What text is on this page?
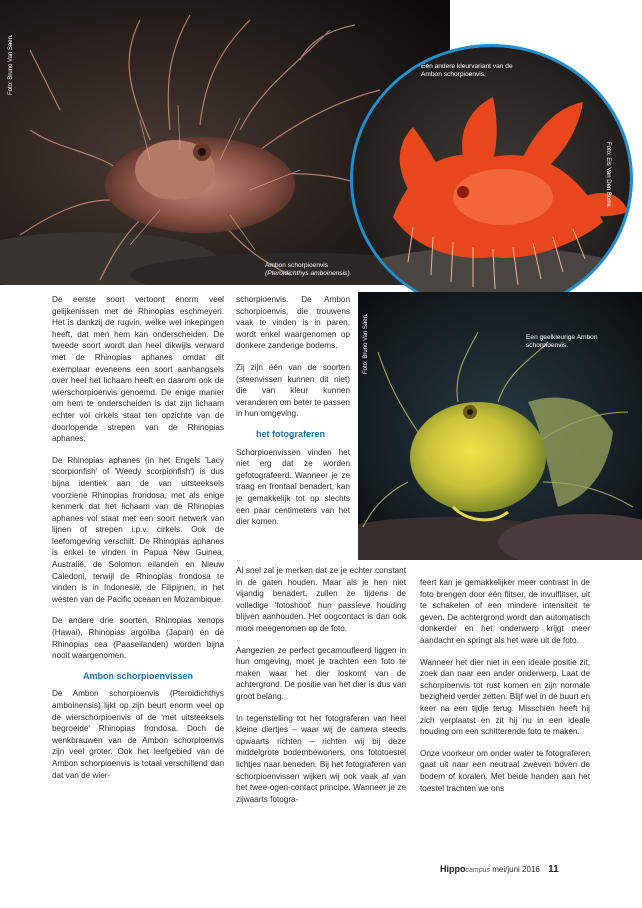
Foto: Bruno Van Saen.
Ambon schorpioenvis
(Pteroidichthys amboinensis).
Een andere kleurvariant van de
Ambon schorpioenvis.
Foto: Els Van Den Borre.
Foto: Bruno Van Saen.	Een geelkleurige Ambon
schorpioenvis.

De eerste soort vertoont enorm veel gelijkenissen met de Rhinopias eschmeyeri. Het is dankzij de rugvin, welke wel inkepingen heeft, dat men hem kan onderscheiden. De tweede soort wordt dan heel dikwijls verward met de Rhinopias aphanes omdat dit exemplaar eveneens een soort aanhangsels over heel het lichaam heeft en daarom ook de wierschorpioenvis genoemd. De enige manier om hem te onderscheiden is dat zijn lichaam echter vol cirkels staat ten opzichte van de doorlopende strepen van de Rhinopias aphanes.

De Rhinopias aphanes (in het Engels 'Lacy scorpionfish' of 'Weedy scorpionfish') is dus bijna identiek aan de van uitsteeksels voorziene Rhinopias frondosa, met als enige kenmerk dat het lichaam van de Rhinopias aphanes vol staat met een soort netwerk van lijnen of strepen i.p.v. cirkels. Ook de leefomgeving verschilt. De Rhinopias aphanes is enkel te vinden in Papua New Guinea, Australië, de Solomon eilanden en Nieuw Caledoni, terwijl de Rhinopias frondosa te vinden is in Indonesië, de Filipijnen, in het westen van de Pacific oceaan en Mozambique.

De andere drie soorten, Rhinopias xenops (Hawai), Rhinopias argoliba (Japan) en de Rhinopias cea (Paaseilanden) worden bijna nooit waargenomen.

Ambon schorpioenvissen

De Ambon schorpioenvis (Pteroidichthys amboinensis) lijkt op zijn beurt enorm veel op de wierschorpioenvis of de 'met uitsteeksels begroeide' Rhinopias frondosa. Doch de wenkbrauwen van de Ambon schorpioenvis zijn veel groter. Ook het leefgebied van de Ambon schorpioenvis is totaal verschillend dan dat van de wier-

schorpioenvis. De Ambon schorpioenvis, die trouwens vaak te vinden is in paren, wordt enkel waargenomen op donkere zanderige bodems.

Zij zijn één van de soorten (steenvissen kunnen dit niet) die van kleur kunnen veranderen om beter te passen in hun omgeving.

het fotograferen

Schorpioenvissen vinden het niet erg dat ze worden gefotografeerd. Wanneer je ze traag en frontaal benadert, kan je gemakkelijk tot op slechts een paar centimeters van het dier komen.

Al snel zal je merken dat ze je echter constant in de gaten houden. Maar als je hen niet vijandig benadert, zullen ze tijdens de volledige 'fotoshoot' hun passieve houding blijven aanhouden. Het oogcontact is dan ook mooi meegenomen op de foto.

Aangezien ze perfect gecamoufleerd liggen in hun omgeving, moet je trachten een foto te maken waar het dier loskomt van de achtergrond. De positie van het dier is dus van groot belang.

In tegenstelling tot het fotograferen van heel kleine diertjes – waar wij de camera steeds opwaarts richten – richten wij bij deze middelgrote bodembewoners, ons fototoestel lichtjes naar beneden. Bij het fotograferen van schorpioenvissen wijken wij ook vaak af van het twee-ogen-contact principe. Wanneer je ze zijwaarts fotogra-

feert kan je gemakkelijker meer contrast in de foto brengen door één flitser, de invulflitser, uit te schakelen of een mindere intensiteit te geven. De achtergrond wordt dan automatisch donkerder en het onderwerp krijgt meer aandacht en springt als het ware uit de foto.

Wanneer het dier niet in een ideale positie zit, zoek dan naar een ander onderwerp. Laat de schorpioenvis tot rust komen en zijn normale bezigheid verder zetten. Blijf wel in de buurt en keer na een tijdje terug. Misschien heeft hij zich verplaatst en zit hij nu in een ideale houding om een schitterende foto te maken.

Onze voorkeur om onder water te fotograferen gaat uit naar een neutraal zweven boven de bodem of koralen. Met beide handen aan het toestel trachten we ons

Hippocampus mei/juni 2016 11
